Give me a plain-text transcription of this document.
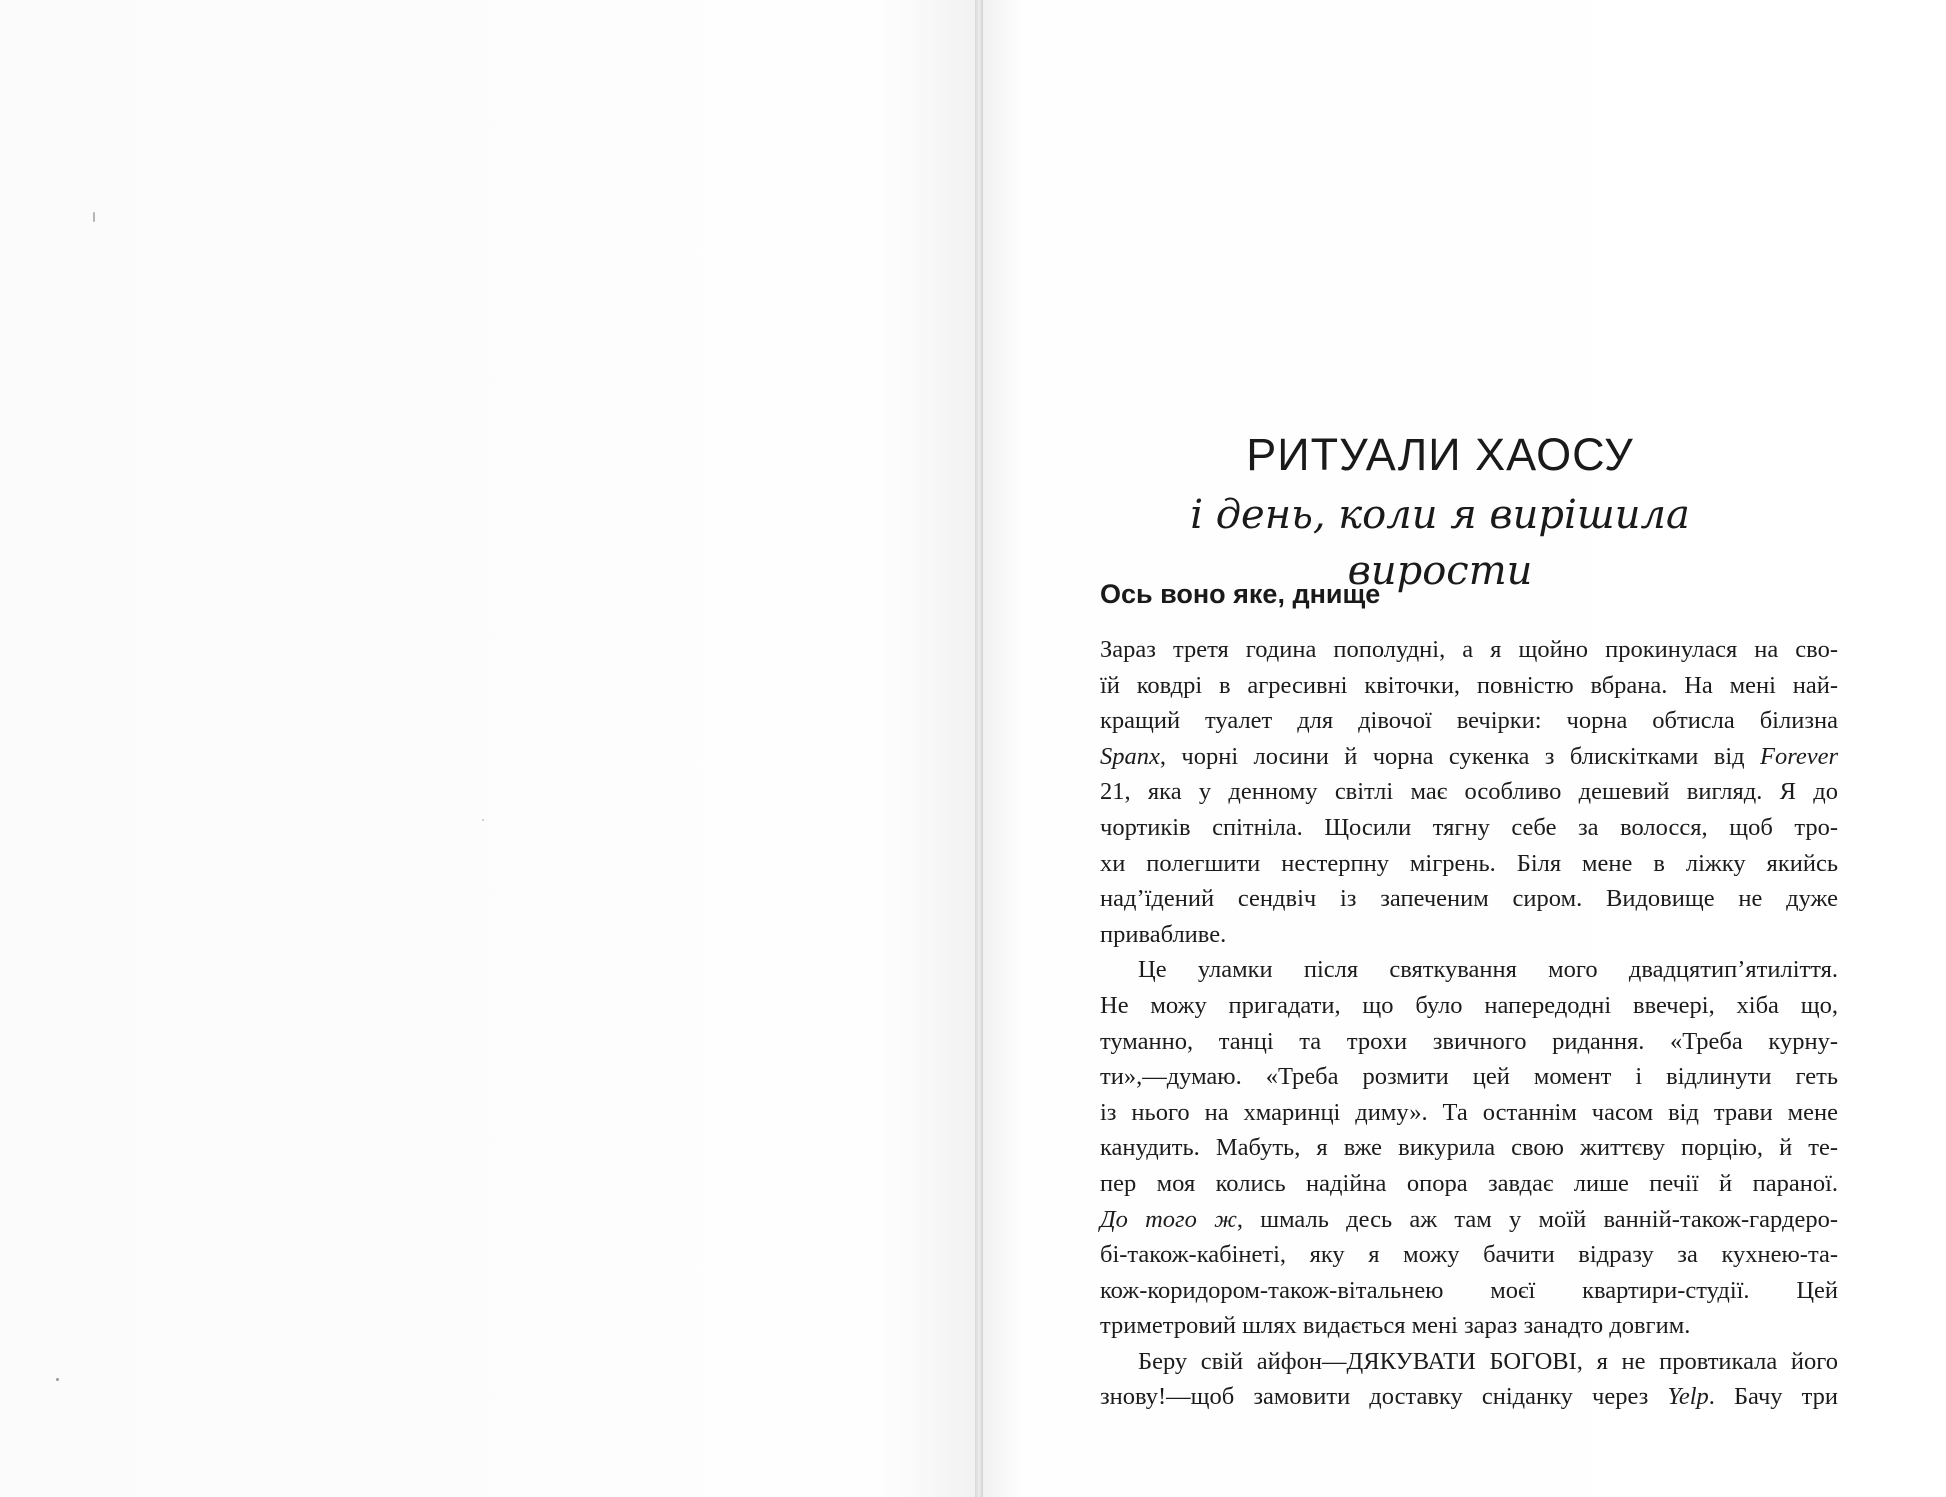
РИТУАЛИ ХАОСУ
і день, коли я вирішила вирости
Ось воно яке, днище
Зараз третя година пополудні, а я щойно прокинулася на сво-
їй ковдрі в агресивні квіточки, повністю вбрана. На мені най-
кращий туалет для дівочої вечірки: чорна обтисла білизна
Spanx, чорні лосини й чорна сукенка з блискітками від Forever
21, яка у денному світлі має особливо дешевий вигляд. Я до
чортиків спітніла. Щосили тягну себе за волосся, щоб тро-
хи полегшити нестерпну мігрень. Біля мене в ліжку якийсь
над’їдений сендвіч із запеченим сиром. Видовище не дуже
привабливе.
Це уламки після святкування мого двадцятип’ятиліття.
Не можу пригадати, що було напередодні ввечері, хіба що,
туманно, танці та трохи звичного ридання. «Треба курну-
ти»,—думаю. «Треба розмити цей момент і відлинути геть
із нього на хмаринці диму». Та останнім часом від трави мене
канудить. Мабуть, я вже викурила свою життєву порцію, й те-
пер моя колись надійна опора завдає лише печії й параної.
До того ж, шмаль десь аж там у моїй ванній-також-гардеро-
бі-також-кабінеті, яку я можу бачити відразу за кухнею-та-
кож-коридором-також-вітальнею моєї квартири-студії. Цей
триметровий шлях видається мені зараз занадто довгим.
Беру свій айфон—ДЯКУВАТИ БОГОВІ, я не провтикала його
знову!—щоб замовити доставку сніданку через Yelp. Бачу три
